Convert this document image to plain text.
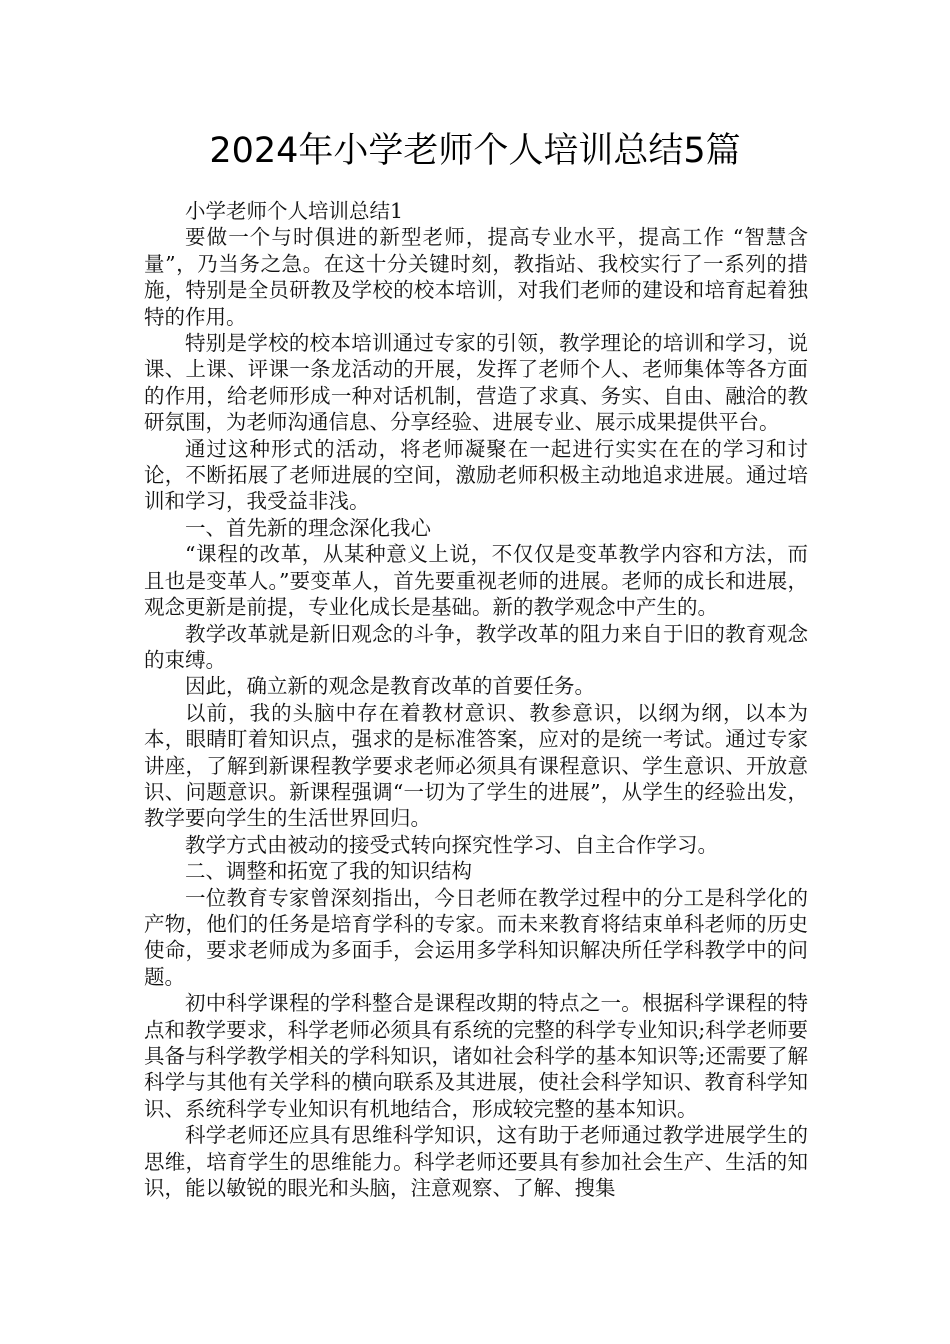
2024年小学老师个人培训总结5篇

小学老师个人培训总结1

要做一个与时俱进的新型老师，提高专业水平，提高工作 “智慧含量”，乃当务之急。在这十分关键时刻，教指站、我校实行了一系列的措施，特别是全员研教及学校的校本培训，对我们老师的建设和培育起着独特的作用。

特别是学校的校本培训通过专家的引领，教学理论的培训和学习，说课、上课、评课一条龙活动的开展，发挥了老师个人、老师集体等各方面的作用，给老师形成一种对话机制，营造了求真、务实、自由、融洽的教研氛围，为老师沟通信息、分享经验、进展专业、展示成果提供平台。

通过这种形式的活动，将老师凝聚在一起进行实实在在的学习和讨论，不断拓展了老师进展的空间，激励老师积极主动地追求进展。通过培训和学习，我受益非浅。

一、首先新的理念深化我心

“课程的改革，从某种意义上说，不仅仅是变革教学内容和方法，而且也是变革人。”要变革人，首先要重视老师的进展。老师的成长和进展，观念更新是前提，专业化成长是基础。新的教学观念中产生的。

教学改革就是新旧观念的斗争，教学改革的阻力来自于旧的教育观念的束缚。

因此，确立新的观念是教育改革的首要任务。

以前，我的头脑中存在着教材意识、教参意识，以纲为纲，以本为本，眼睛盯着知识点，强求的是标准答案，应对的是统一考试。通过专家讲座，了解到新课程教学要求老师必须具有课程意识、学生意识、开放意识、问题意识。新课程强调“一切为了学生的进展”，从学生的经验出发，教学要向学生的生活世界回归。

教学方式由被动的接受式转向探究性学习、自主合作学习。

二、调整和拓宽了我的知识结构

一位教育专家曾深刻指出，今日老师在教学过程中的分工是科学化的产物，他们的任务是培育学科的专家。而未来教育将结束单科老师的历史使命，要求老师成为多面手，会运用多学科知识解决所任学科教学中的问题。

初中科学课程的学科整合是课程改期的特点之一。根据科学课程的特点和教学要求，科学老师必须具有系统的完整的科学专业知识;科学老师要具备与科学教学相关的学科知识，诸如社会科学的基本知识等;还需要了解科学与其他有关学科的横向联系及其进展，使社会科学知识、教育科学知识、系统科学专业知识有机地结合，形成较完整的基本知识。

科学老师还应具有思维科学知识，这有助于老师通过教学进展学生的思维，培育学生的思维能力。科学老师还要具有参加社会生产、生活的知识，能以敏锐的眼光和头脑，注意观察、了解、搜集
